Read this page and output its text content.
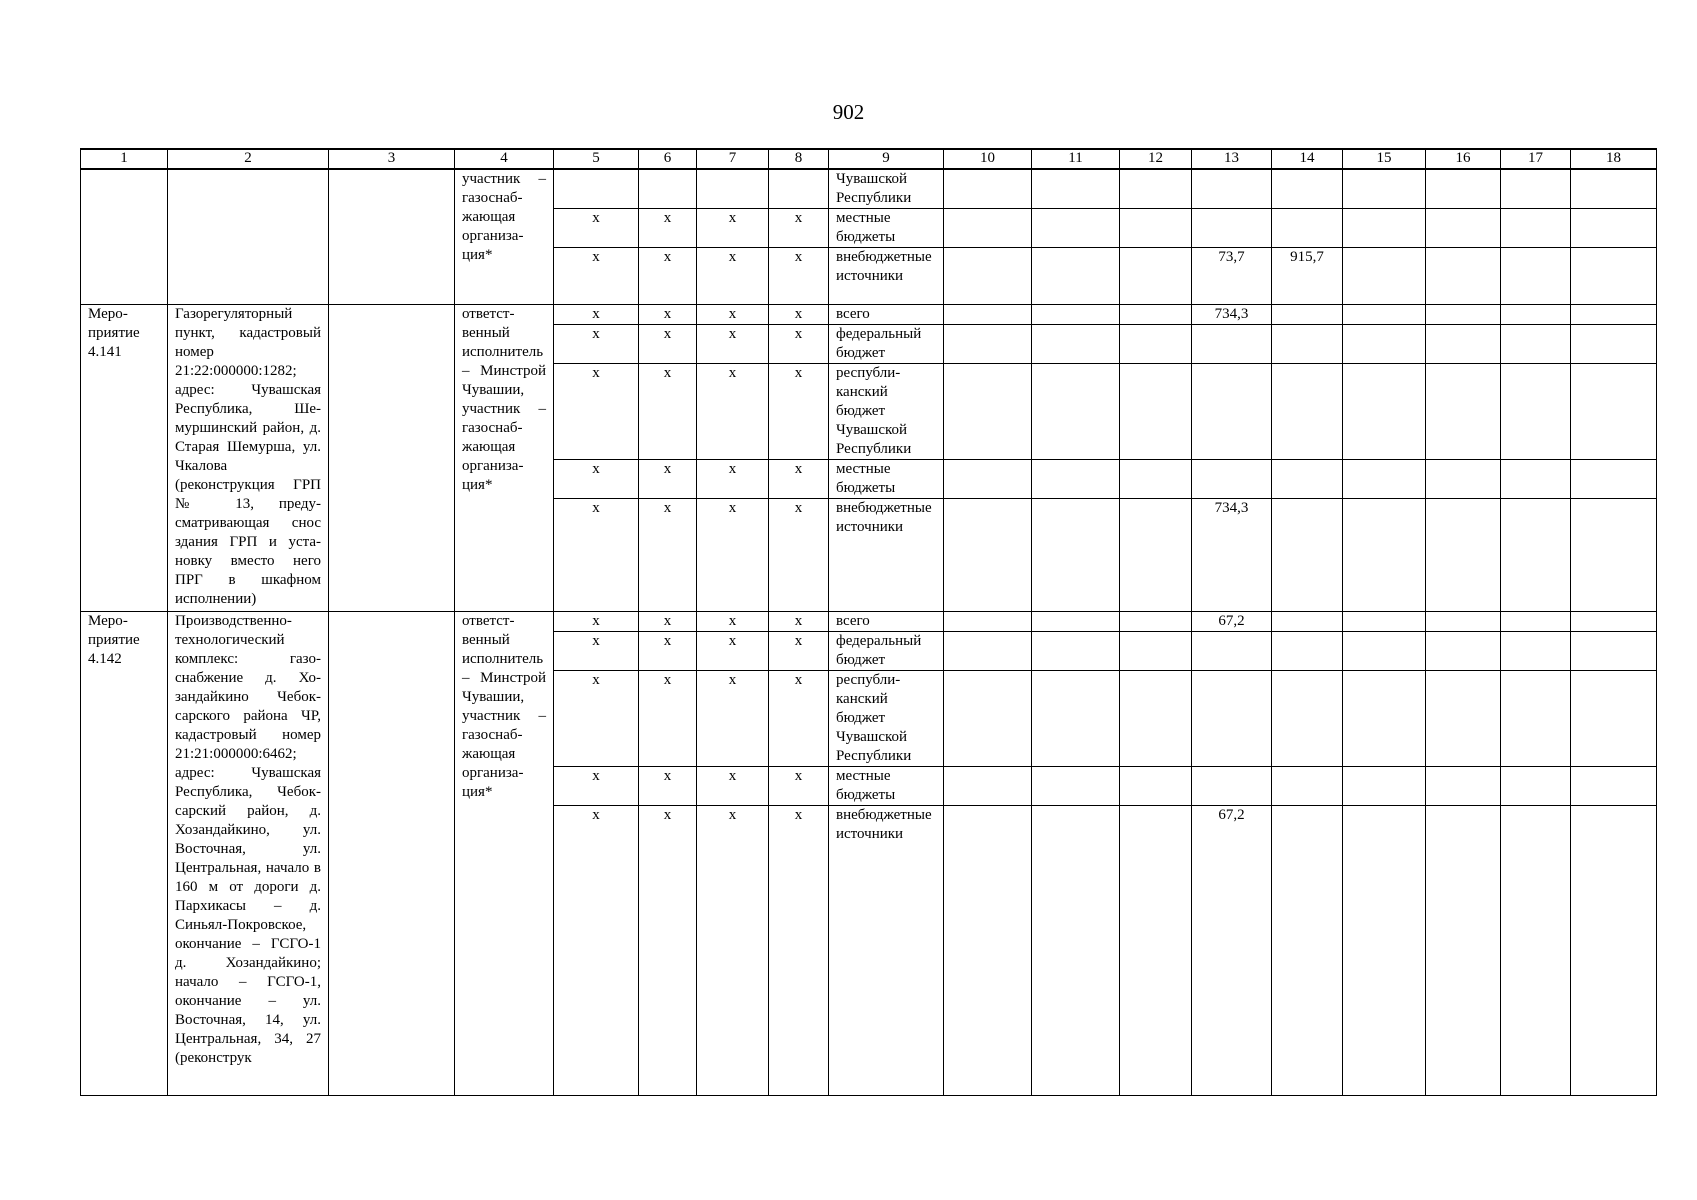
902
1	2	3	4	5	6	7	8	9	10	11	12	13	14	15	16	17	18
			участник – газоснабжающая организация*					Чувашской Республики									
				х	х	х	х	местные бюджеты									
				х	х	х	х	внебюджетные источники				73,7	915,7				
Мероприятие 4.141	Газорегуляторный пункт, кадастровый номер 21:22:000000:1282; адрес: Чувашская Республика, Шемуршинский район, д. Старая Шемурша, ул. Чкалова (реконструкция ГРП № 13, предусматривающая снос здания ГРП и установку вместо него ПРГ в шкафном исполнении)		ответственный исполнитель – Минстрой Чувашии, участник – газоснабжающая организация*	х	х	х	х	всего				734,3					
				х	х	х	х	федеральный бюджет									
				х	х	х	х	республиканский бюджет Чувашской Республики									
				х	х	х	х	местные бюджеты									
				х	х	х	х	внебюджетные источники				734,3					
Мероприятие 4.142	Производственно-технологический комплекс: газоснабжение д. Хозандайкино Чебоксарского района ЧР, кадастровый номер 21:21:000000:6462; адрес: Чувашская Республика, Чебоксарский район, д. Хозандайкино, ул. Восточная, ул. Центральная, начало в 160 м от дороги д. Пархикасы – д. Синьял-Покровское, окончание – ГСГО-1 д. Хозандайкино; начало – ГСГО-1, окончание – ул. Восточная, 14, ул. Центральная, 34, 27 (реконструк		ответственный исполнитель – Минстрой Чувашии, участник – газоснабжающая организация*	х	х	х	х	всего				67,2					
				х	х	х	х	федеральный бюджет									
				х	х	х	х	республиканский бюджет Чувашской Республики									
				х	х	х	х	местные бюджеты									
				х	х	х	х	внебюджетные источники				67,2					
